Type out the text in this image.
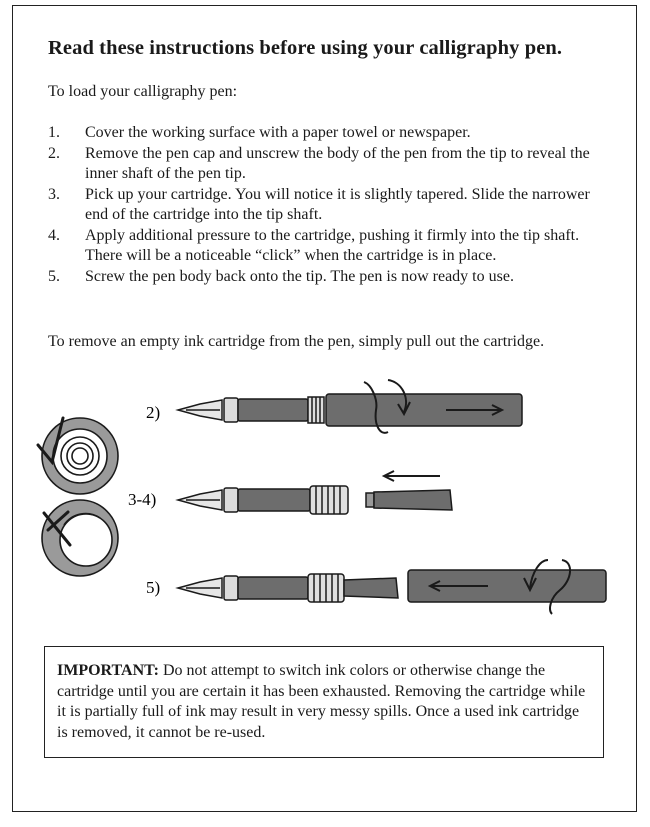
Read these instructions before using your calligraphy pen.

To load your calligraphy pen:

1. Cover the working surface with a paper towel or newspaper.
2. Remove the pen cap and unscrew the body of the pen from the tip to reveal the inner shaft of the pen tip.
3. Pick up your cartridge. You will notice it is slightly tapered. Slide the narrower end of the cartridge into the tip shaft.
4. Apply additional pressure to the cartridge, pushing it firmly into the tip shaft. There will be a noticeable “click” when the cartridge is in place.
5. Screw the pen body back onto the tip. The pen is now ready to use.

To remove an empty ink cartridge from the pen, simply pull out the cartridge.

2)
3-4)
5)
IMPORTANT: Do not attempt to switch ink colors or otherwise change the cartridge until you are certain it has been exhausted. Removing the cartridge while it is partially full of ink may result in very messy spills. Once a used ink cartridge is removed, it cannot be re-used.
